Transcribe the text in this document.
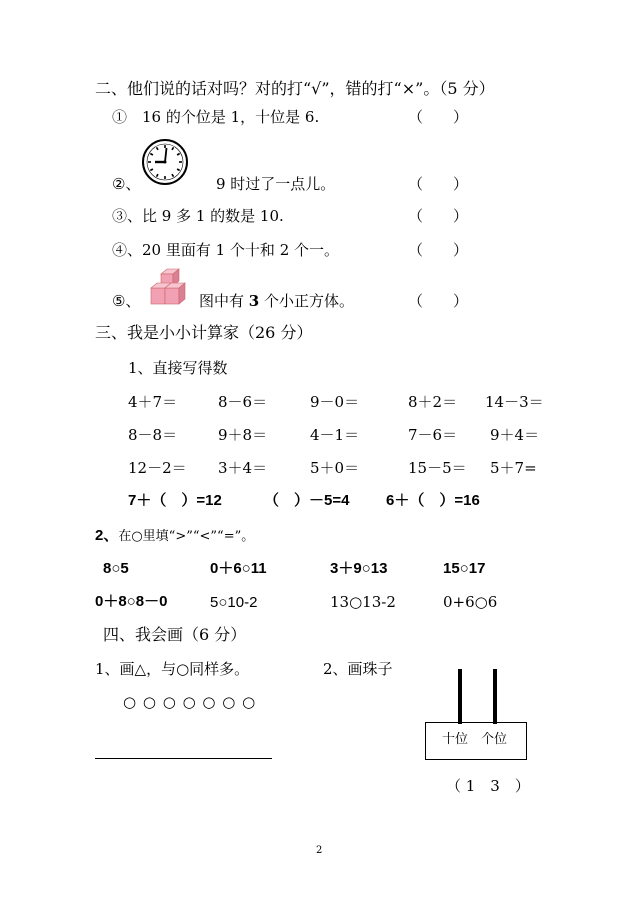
二、他们说的话对吗？对的打“√”，错的打“×”。（5 分）
①　16 的个位是 1，十位是 6.	（　　）
②、	9 时过了一点儿。	（　　）
③、比 9 多 1 的数是 10.	（　　）
④、20 里面有 1 个十和 2 个一。	（　　）
⑤、	图中有 3 个小正方体。	（　　）
三、我是小小计算家（26 分）
1、直接写得数
4＋7＝	8－6＝	9－0＝	8＋2＝ 14－3＝
8－8＝	9＋8＝	4－1＝	7－6＝ 9＋4＝
12－2＝ 3＋4＝	5＋0＝	15－5＝ 5＋7=
7＋（　）=12	（　）－5=4 6＋（　）=16
2、在○里填“>”“<”“=”。
8○5	0＋6○11	3＋9○13	15○17
0＋8○8－0	5○10-2	13○13-2	0+6○6
四、我会画（6 分）
1、画△，与○同样多。	2、画珠子
○ ○ ○ ○ ○ ○ ○
十位　个位
（ 1　3　）
2
